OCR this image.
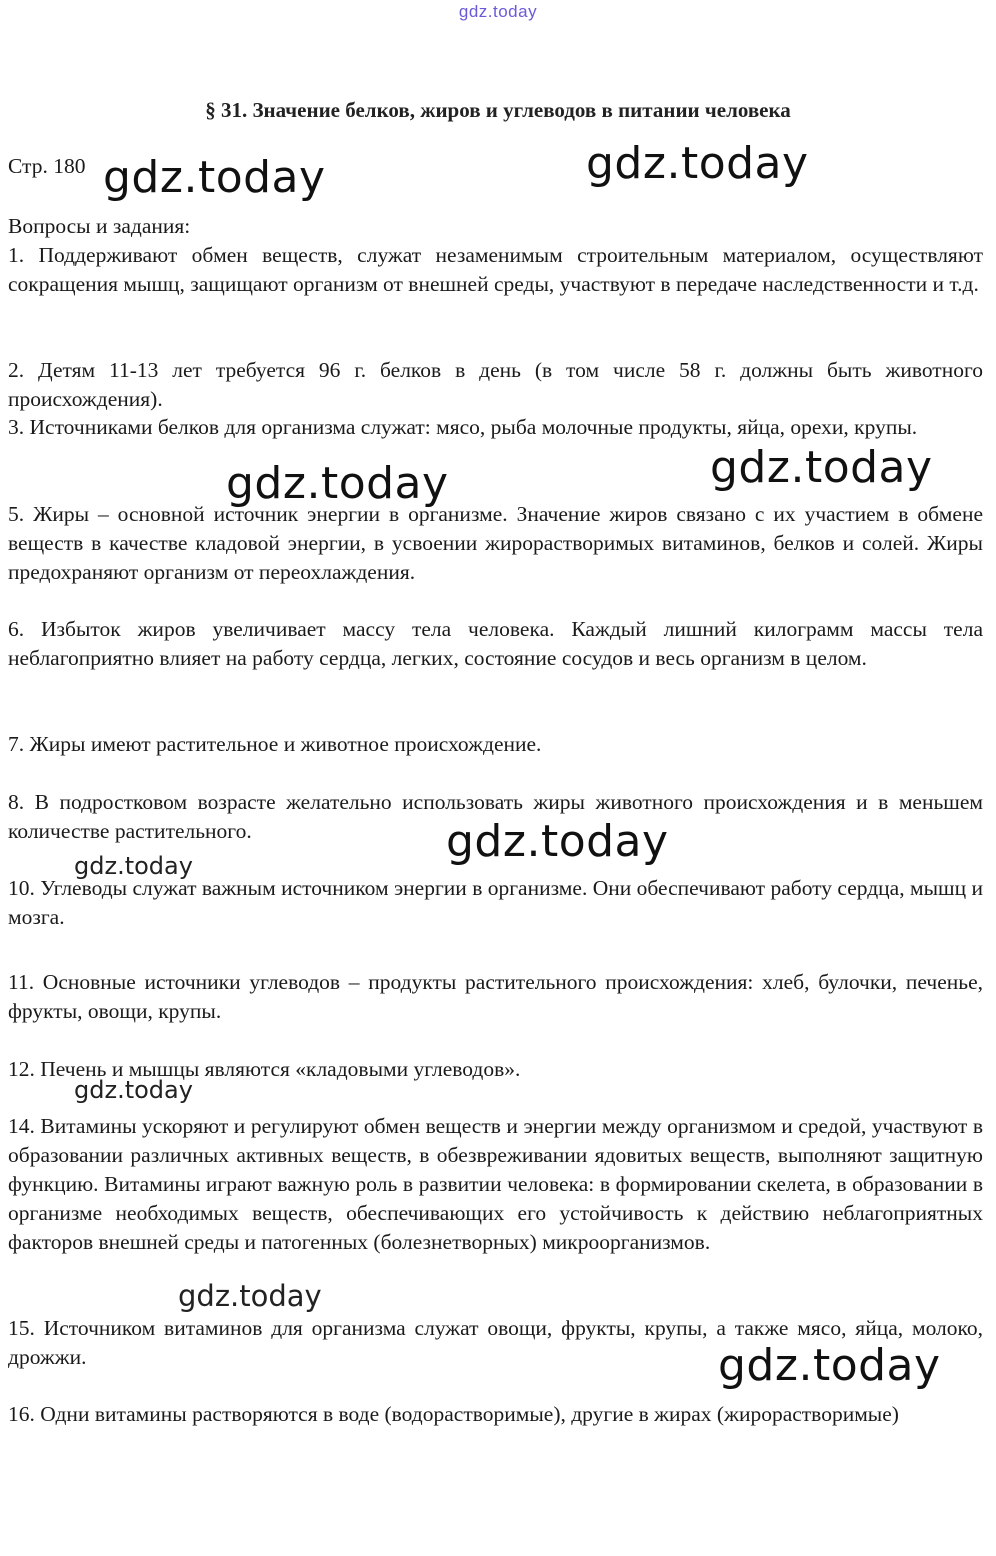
gdz.today
§ 31. Значение белков, жиров и углеводов в питании человека
Стр. 180
Вопросы и задания:
1. Поддерживают обмен веществ, служат незаменимым строительным материалом, осуществляют сокращения мышц, защищают организм от внешней среды, участвуют в передаче наследственности и т.д.
2. Детям 11-13 лет требуется 96 г. белков в день (в том числе 58 г. должны быть животного происхождения).
3. Источниками белков для организма служат: мясо, рыба молочные продукты, яйца, орехи, крупы.
5. Жиры – основной источник энергии в организме. Значение жиров связано с их участием в обмене веществ в качестве кладовой энергии, в усвоении жирорастворимых витаминов, белков и солей. Жиры предохраняют организм от переохлаждения.
6. Избыток жиров увеличивает массу тела человека. Каждый лишний килограмм массы тела неблагоприятно влияет на работу сердца, легких, состояние сосудов и весь организм в целом.
7. Жиры имеют растительное и животное происхождение.
8. В подростковом возрасте желательно использовать жиры животного происхождения и в меньшем количестве растительного.
10. Углеводы служат важным источником энергии в организме. Они обеспечивают работу сердца, мышц и мозга.
11. Основные источники углеводов – продукты растительного происхождения: хлеб, булочки, печенье, фрукты, овощи, крупы.
12. Печень и мышцы являются «кладовыми углеводов».
14. Витамины ускоряют и регулируют обмен веществ и энергии между организмом и средой, участвуют в образовании различных активных веществ, в обезвреживании ядовитых веществ, выполняют защитную функцию. Витамины играют важную роль в развитии человека: в формировании скелета, в образовании в организме необходимых веществ, обеспечивающих его устойчивость к действию неблагоприятных факторов внешней среды и патогенных (болезнетворных) микроорганизмов.
15. Источником витаминов для организма служат овощи, фрукты, крупы, а также мясо, яйца, молоко, дрожжи.
16. Одни витамины растворяются в воде (водорастворимые), другие в жирах (жирорастворимые)
gdz.today	gdz.today
gdz.today	gdz.today
gdz.today
gdz.today
gdz.today
gdz.today
gdz.today
